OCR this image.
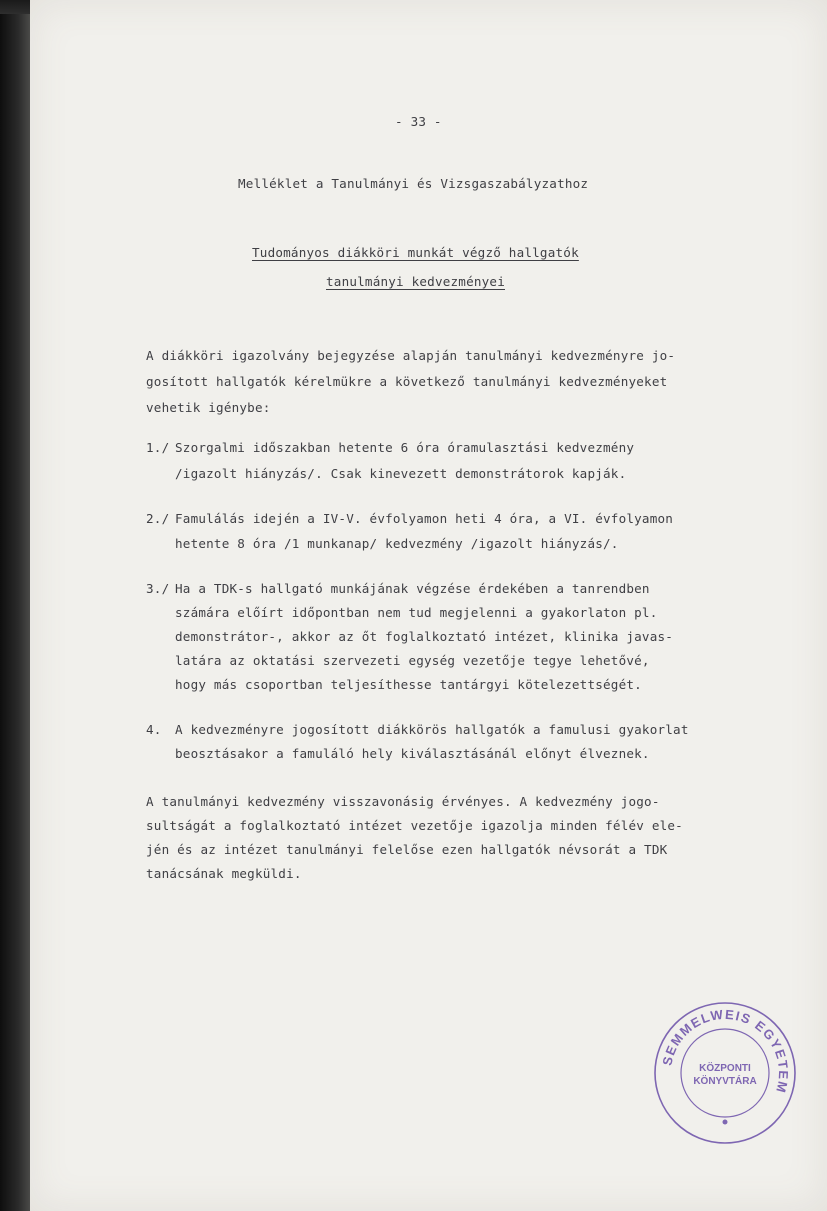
- 33 -
Melléklet a Tanulmányi és Vizsgaszabályzathoz
Tudományos diákköri munkát végző hallgatók
tanulmányi kedvezményei
A diákköri igazolvány bejegyzése alapján tanulmányi kedvezményre jo-
gosított hallgatók kérelmükre a következő tanulmányi kedvezményeket
vehetik igénybe:
1./ Szorgalmi időszakban hetente 6 óra óramulasztási kedvezmény
/igazolt hiányzás/. Csak kinevezett demonstrátorok kapják.
2./ Famulálás idején a IV-V. évfolyamon heti 4 óra, a VI. évfolyamon
hetente 8 óra /1 munkanap/ kedvezmény /igazolt hiányzás/.
3./ Ha a TDK-s hallgató munkájának végzése érdekében a tanrendben
számára előírt időpontban nem tud megjelenni a gyakorlaton pl.
demonstrátor-, akkor az őt foglalkoztató intézet, klinika javas-
latára az oktatási szervezeti egység vezetője tegye lehetővé,
hogy más csoportban teljesíthesse tantárgyi kötelezettségét.
4. A kedvezményre jogosított diákkörös hallgatók a famulusi gyakorlat
beosztásakor a famuláló hely kiválasztásánál előnyt élveznek.
A tanulmányi kedvezmény visszavonásig érvényes. A kedvezmény jogo-
sultságát a foglalkoztató intézet vezetője igazolja minden félév ele-
jén és az intézet tanulmányi felelőse ezen hallgatók névsorát a TDK
tanácsának megküldi.
SEMMELWEIS EGYETEM
KÖZPONTI
KÖNYVTÁRA
